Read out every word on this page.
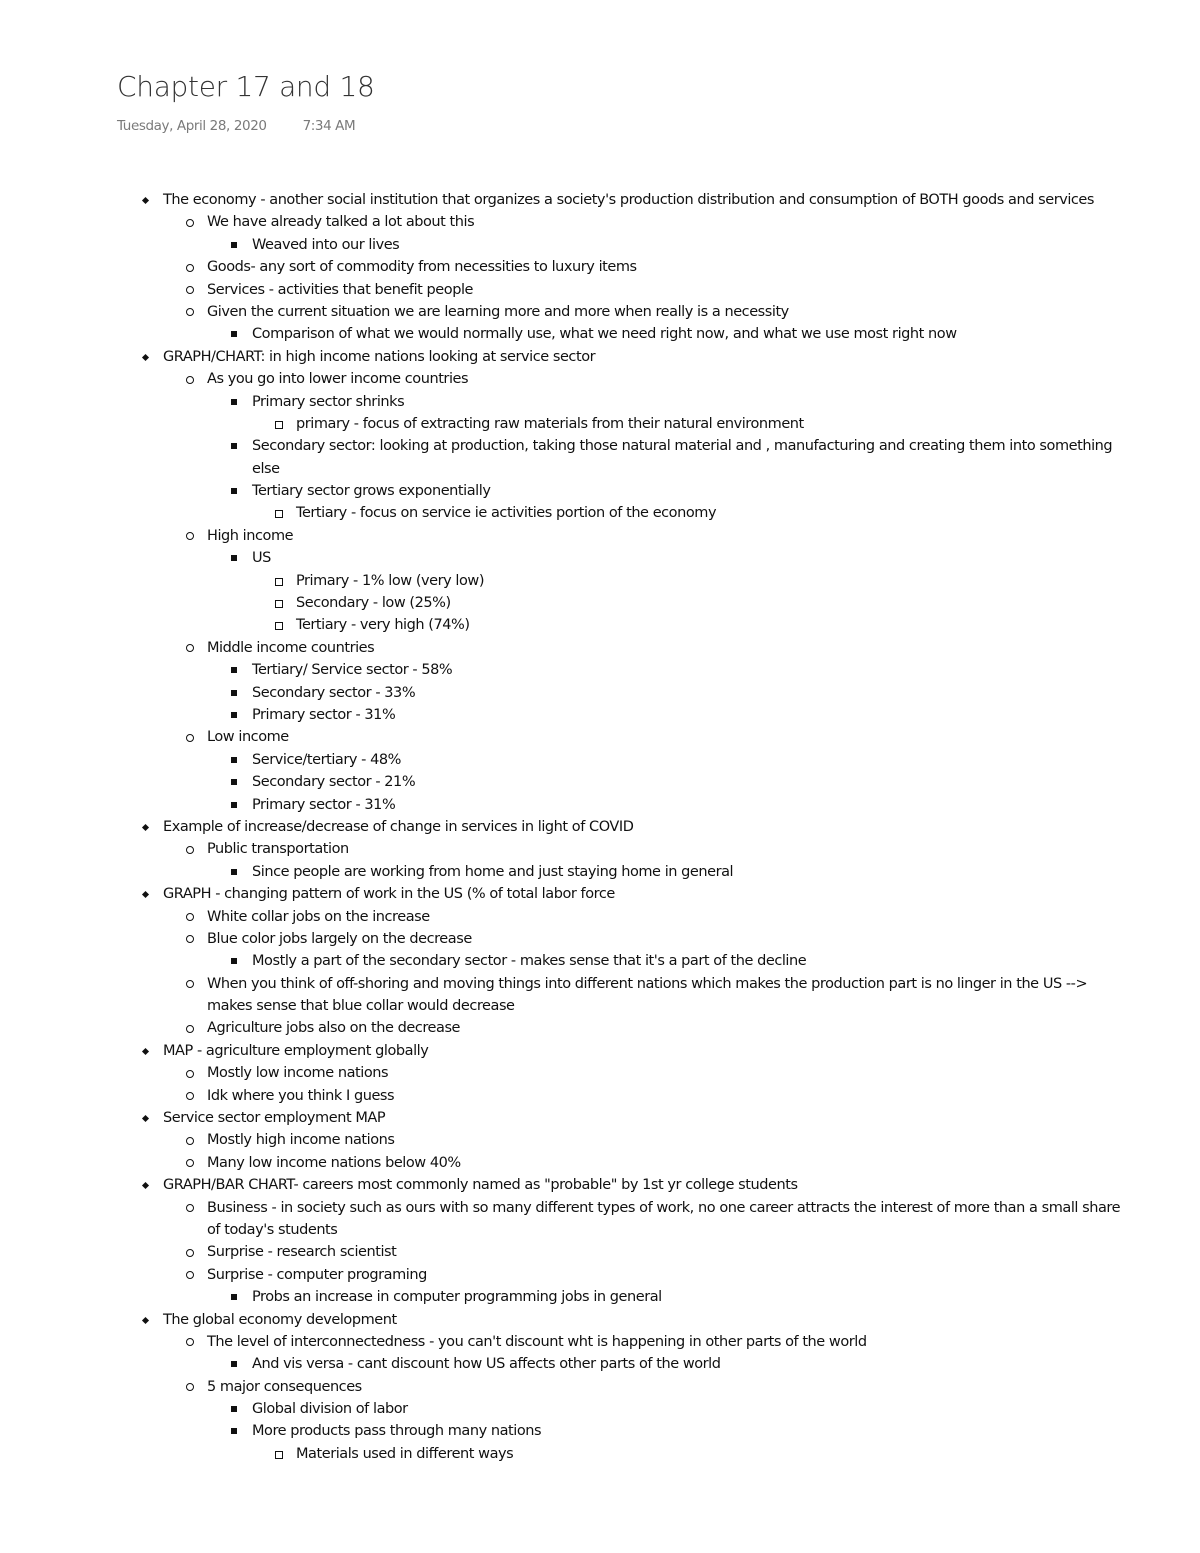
Chapter 17 and 18
Tuesday, April 28, 2020	7:34 AM
The economy - another social institution that organizes a society's production distribution and consumption of BOTH goods and services
We have already talked a lot about this
Weaved into our lives
Goods- any sort of commodity from necessities to luxury items
Services - activities that benefit people
Given the current situation we are learning more and more when really is a necessity
Comparison of what we would normally use, what we need right now, and what we use most right now
GRAPH/CHART: in high income nations looking at service sector
As you go into lower income countries
Primary sector shrinks
primary - focus of extracting raw materials from their natural environment
Secondary sector: looking at production, taking those natural material and , manufacturing and creating them into something
else
Tertiary sector grows exponentially
Tertiary - focus on service ie activities portion of the economy
High income
US
Primary - 1% low (very low)
Secondary - low (25%)
Tertiary - very high (74%)
Middle income countries
Tertiary/ Service sector - 58%
Secondary sector - 33%
Primary sector - 31%
Low income
Service/tertiary - 48%
Secondary sector - 21%
Primary sector - 31%
Example of increase/decrease of change in services in light of COVID
Public transportation
Since people are working from home and just staying home in general
GRAPH - changing pattern of work in the US (% of total labor force
White collar jobs on the increase
Blue color jobs largely on the decrease
Mostly a part of the secondary sector - makes sense that it's a part of the decline
When you think of off-shoring and moving things into different nations which makes the production part is no linger in the US -->
makes sense that blue collar would decrease
Agriculture jobs also on the decrease
MAP - agriculture employment globally
Mostly low income nations
Idk where you think I guess
Service sector employment MAP
Mostly high income nations
Many low income nations below 40%
GRAPH/BAR CHART- careers most commonly named as "probable" by 1st yr college students
Business - in society such as ours with so many different types of work, no one career attracts the interest of more than a small share
of today's students
Surprise - research scientist
Surprise - computer programing
Probs an increase in computer programming jobs in general
The global economy development
The level of interconnectedness - you can't discount wht is happening in other parts of the world
And vis versa - cant discount how US affects other parts of the world
5 major consequences
Global division of labor
More products pass through many nations
Materials used in different ways
